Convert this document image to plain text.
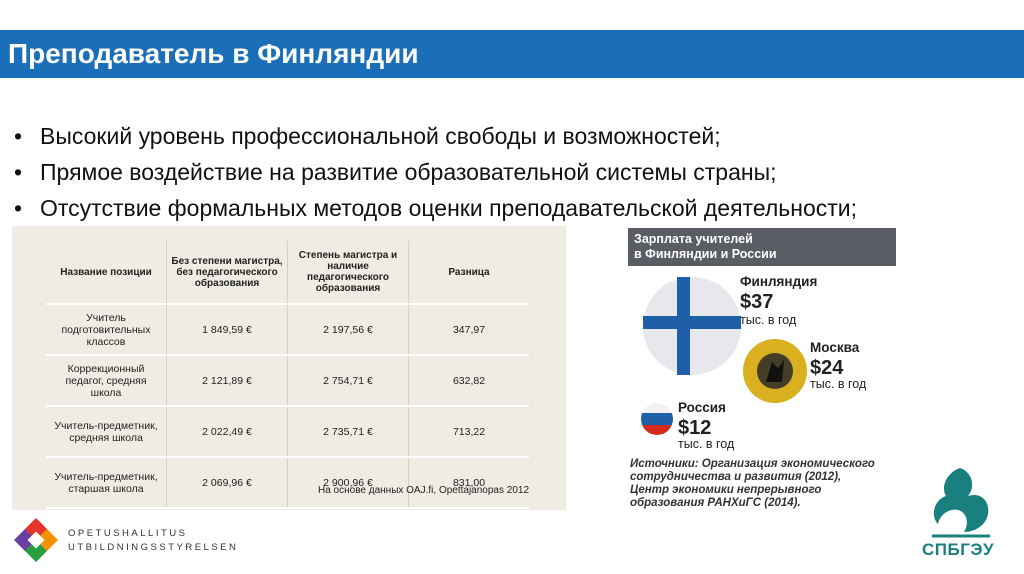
Преподаватель в Финляндии
• Высокий уровень профессиональной свободы и возможностей;
• Прямое воздействие на развитие образовательной системы страны;
• Отсутствие формальных методов оценки преподавательской деятельности;
Название позиции	Без степени магистра, без педагогического образования	Степень магистра и наличие педагогического образования	Разница
Учитель подготовительных классов	1 849,59 €	2 197,56 €	347,97
Коррекционный педагог, средняя школа	2 121,89 €	2 754,71 €	632,82
Учитель-предметник, средняя школа	2 022,49 €	2 735,71 €	713,22
Учитель-предметник, старшая школа	2 069,96 €	2 900,96 €	831,00
На основе данных OAJ.fi, Opettajanopas 2012
OPETUSHALLITUS
UTBILDNINGSSTYRELSEN
Зарплата учителей
в Финляндии и России
Финляндия
$37
тыс. в год
Москва
$24
тыс. в год
Россия
$12
тыс. в год
Источники: Организация экономического
сотрудничества и развития (2012),
Центр экономики непрерывного
образования РАНХиГС (2014).
СПБГЭУ
